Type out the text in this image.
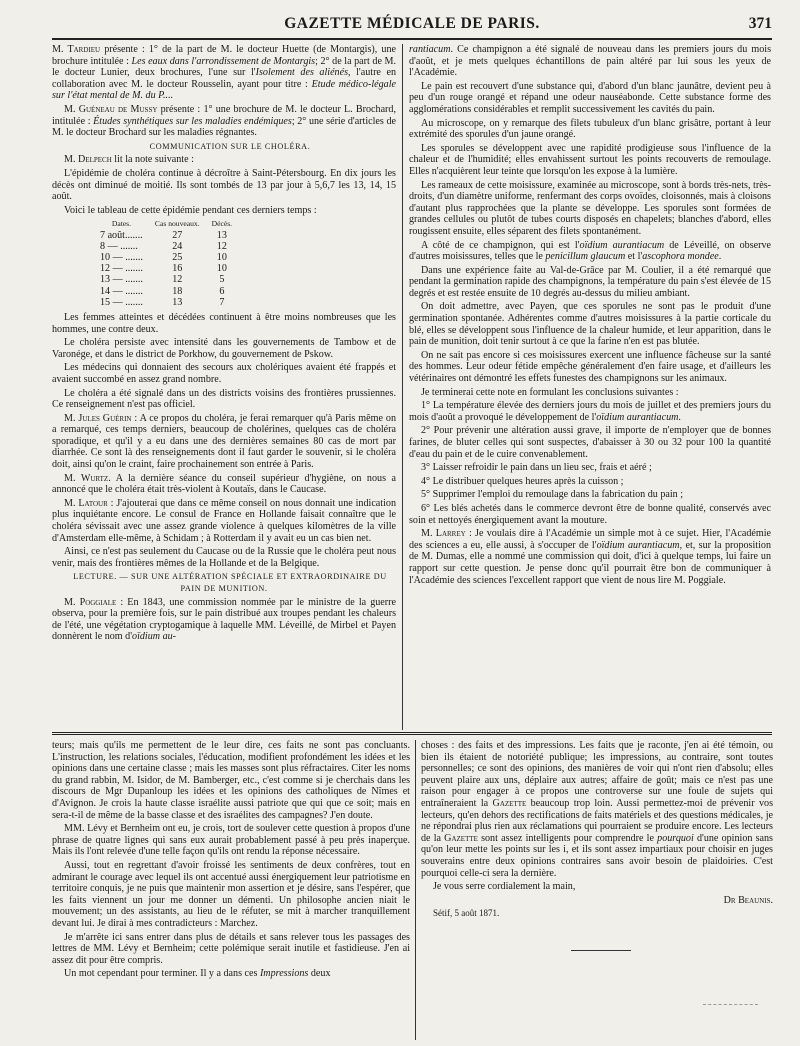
GAZETTE MÉDICALE DE PARIS.	371

M. Tardieu présente : 1° de la part de M. le docteur Huette (de Montargis), une brochure intitulée : Les eaux dans l'arrondissement de Montargis; 2° de la part de M. le docteur Lunier, deux brochures, l'une sur l'Isolement des aliénés, l'autre en collaboration avec M. le docteur Rousselin, ayant pour titre : Etude médico-légale sur l'état mental de M. du P....

M. Guéneau de Mussy présente : 1° une brochure de M. le docteur L. Brochard, intitulée : Études synthétiques sur les maladies endémiques; 2° une série d'articles de M. le docteur Brochard sur les maladies régnantes.

COMMUNICATION SUR LE CHOLÉRA.

M. Delpech lit la note suivante :

L'épidémie de choléra continue à décroître à Saint-Pétersbourg. En dix jours les décès ont diminué de moitié. Ils sont tombés de 13 par jour à 5,6,7 les 13, 14, 15 août.

Voici le tableau de cette épidémie pendant ces derniers temps :

Dates.	Cas nouveaux.	Décès.
7 août.......	27	13
8 — .......	24	12
10 — .......	25	10
12 — .......	16	10
13 — .......	12	5
14 — .......	18	6
15 — .......	13	7

Les femmes atteintes et décédées continuent à être moins nombreuses que les hommes, une contre deux.

Le choléra persiste avec intensité dans les gouvernements de Tambow et de Varonége, et dans le district de Porkhow, du gouvernement de Pskow.

Les médecins qui donnaient des secours aux cholériques avaient été frappés et avaient succombé en assez grand nombre.

Le choléra a été signalé dans un des districts voisins des frontières prussiennes. Ce renseignement n'est pas officiel.

M. Jules Guérin : A ce propos du choléra, je ferai remarquer qu'à Paris même on a remarqué, ces temps derniers, beaucoup de cholérines, quelques cas de choléra sporadique, et qu'il y a eu dans une des dernières semaines 80 cas de mort par diarrhée. Ce sont là des renseignements dont il faut garder le souvenir, si le choléra doit, ainsi qu'on le craint, faire prochainement son entrée à Paris.

M. Wurtz. A la dernière séance du conseil supérieur d'hygiène, on nous a annoncé que le choléra était très-violent à Koutaïs, dans le Caucase.

M. Latour : J'ajouterai que dans ce même conseil on nous donnait une indication plus inquiétante encore. Le consul de France en Hollande faisait connaître que le choléra sévissait avec une assez grande violence à quelques kilomètres de la ville d'Amsterdam elle-même, à Schidam ; à Rotterdam il y avait eu un cas bien net.

Ainsi, ce n'est pas seulement du Caucase ou de la Russie que le choléra peut nous venir, mais des frontières mêmes de la Hollande et de la Belgique.

LECTURE. — SUR UNE ALTÉRATION SPÉCIALE ET EXTRAORDINAIRE DU PAIN DE MUNITION.

M. Poggiale : En 1843, une commission nommée par le ministre de la guerre observa, pour la première fois, sur le pain distribué aux troupes pendant les chaleurs de l'été, une végétation cryptogamique à laquelle MM. Léveillé, de Mirbel et Payen donnèrent le nom d'oïdium au-

rantiacum. Ce champignon a été signalé de nouveau dans les premiers jours du mois d'août, et je mets quelques échantillons de pain altéré par lui sous les yeux de l'Académie.

Le pain est recouvert d'une substance qui, d'abord d'un blanc jaunâtre, devient peu à peu d'un rouge orangé et répand une odeur nauséabonde. Cette substance forme des agglomérations considérables et remplit successivement les cavités du pain.

Au microscope, on y remarque des filets tubuleux d'un blanc grisâtre, portant à leur extrémité des sporules d'un jaune orangé.

Les sporules se développent avec une rapidité prodigieuse sous l'influence de la chaleur et de l'humidité; elles envahissent surtout les points recouverts de remoulage. Elles n'acquièrent leur teinte que lorsqu'on les expose à la lumière.

Les rameaux de cette moisissure, examinée au microscope, sont à bords très-nets, très-droits, d'un diamètre uniforme, renfermant des corps ovoïdes, cloisonnés, mais à cloisons d'autant plus rapprochées que la plante se développe. Les sporules sont formées de grandes cellules ou plutôt de tubes courts disposés en chapelets; blanches d'abord, elles rougissent ensuite, elles séparent des filets spontanément.

A côté de ce champignon, qui est l'oïdium aurantiacum de Léveillé, on observe d'autres moisissures, telles que le penicillum glaucum et l'ascophora mondee.

Dans une expérience faite au Val-de-Grâce par M. Coulier, il a été remarqué que pendant la germination rapide des champignons, la température du pain s'est élevée de 15 degrés et est restée ensuite de 10 degrés au-dessus du milieu ambiant.

On doit admettre, avec Payen, que ces sporules ne sont pas le produit d'une germination spontanée. Adhérentes comme d'autres moisissures à la partie corticale du blé, elles se développent sous l'influence de la chaleur humide, et leur apparition, dans le pain de munition, doit tenir surtout à ce que la farine n'en est pas blutée.

On ne sait pas encore si ces moisissures exercent une influence fâcheuse sur la santé des hommes. Leur odeur fétide empêche généralement d'en faire usage, et d'ailleurs les vétérinaires ont démontré les effets funestes des champignons sur les animaux.

Je terminerai cette note en formulant les conclusions suivantes :

1° La température élevée des derniers jours du mois de juillet et des premiers jours du mois d'août a provoqué le développement de l'oïdium aurantiacum.

2° Pour prévenir une altération aussi grave, il importe de n'employer que de bonnes farines, de bluter celles qui sont suspectes, d'abaisser à 30 ou 32 pour 100 la quantité d'eau du pain et de le cuire convenablement.

3° Laisser refroidir le pain dans un lieu sec, frais et aéré ;

4° Le distribuer quelques heures après la cuisson ;

5° Supprimer l'emploi du remoulage dans la fabrication du pain ;

6° Les blés achetés dans le commerce devront être de bonne qualité, conservés avec soin et nettoyés énergiquement avant la mouture.

M. Larrey : Je voulais dire à l'Académie un simple mot à ce sujet. Hier, l'Académie des sciences a eu, elle aussi, à s'occuper de l'oïdium aurantiacum, et, sur la proposition de M. Dumas, elle a nommé une commission qui doit, d'ici à quelque temps, lui faire un rapport sur cette question. Je pense donc qu'il pourrait être bon de communiquer à l'Académie des sciences l'excellent rapport que vient de nous lire M. Poggiale.

teurs; mais qu'ils me permettent de le leur dire, ces faits ne sont pas concluants. L'instruction, les relations sociales, l'éducation, modifient profondément les idées et les opinions dans une certaine classe ; mais les masses sont plus réfractaires. Citer les noms du grand rabbin, M. Isidor, de M. Bamberger, etc., c'est comme si je cherchais dans les discours de Mgr Dupanloup les idées et les opinions des catholiques de Nîmes et d'Avignon. Je crois la haute classe israélite aussi patriote que qui que ce soit; mais en sera-t-il de même de la basse classe et des israélites des campagnes? J'en doute.

MM. Lévy et Bernheim ont eu, je crois, tort de soulever cette question à propos d'une phrase de quatre lignes qui sans eux aurait probablement passé à peu près inaperçue. Mais ils l'ont relevée d'une telle façon qu'ils ont rendu la réponse nécessaire.

Aussi, tout en regrettant d'avoir froissé les sentiments de deux confrères, tout en admirant le courage avec lequel ils ont accentué aussi énergiquement leur patriotisme en territoire conquis, je ne puis que maintenir mon assertion et je désire, sans l'espérer, que les faits viennent un jour me donner un démenti. Un philosophe ancien niait le mouvement; un des assistants, au lieu de le réfuter, se mit à marcher tranquillement devant lui. Je dirai à mes contradicteurs : Marchez.

Je m'arrête ici sans entrer dans plus de détails et sans relever tous les passages des lettres de MM. Lévy et Bernheim; cette polémique serait inutile et fastidieuse. J'en ai assez dit pour être compris.

Un mot cependant pour terminer. Il y a dans ces Impressions deux

choses : des faits et des impressions. Les faits que je raconte, j'en ai été témoin, ou bien ils étaient de notoriété publique; les impressions, au contraire, sont toutes personnelles; ce sont des opinions, des manières de voir qui n'ont rien d'absolu; elles peuvent plaire aux uns, déplaire aux autres; affaire de goût; mais ce n'est pas une raison pour engager à ce propos une controverse sur une foule de sujets qui entraîneraient la Gazette beaucoup trop loin. Aussi permettez-moi de prévenir vos lecteurs, qu'en dehors des rectifications de faits matériels et des questions médicales, je ne répondrai plus rien aux réclamations qui pourraient se produire encore. Les lecteurs de la Gazette sont assez intelligents pour comprendre le pourquoi d'une opinion sans qu'on leur mette les points sur les i, et ils sont assez impartiaux pour choisir en juges souverains entre deux opinions contraires sans avoir besoin de plaidoiries. C'est pourquoi celle-ci sera la dernière.

Je vous serre cordialement la main,

Dr Beaunis.

Sétif, 5 août 1871.
